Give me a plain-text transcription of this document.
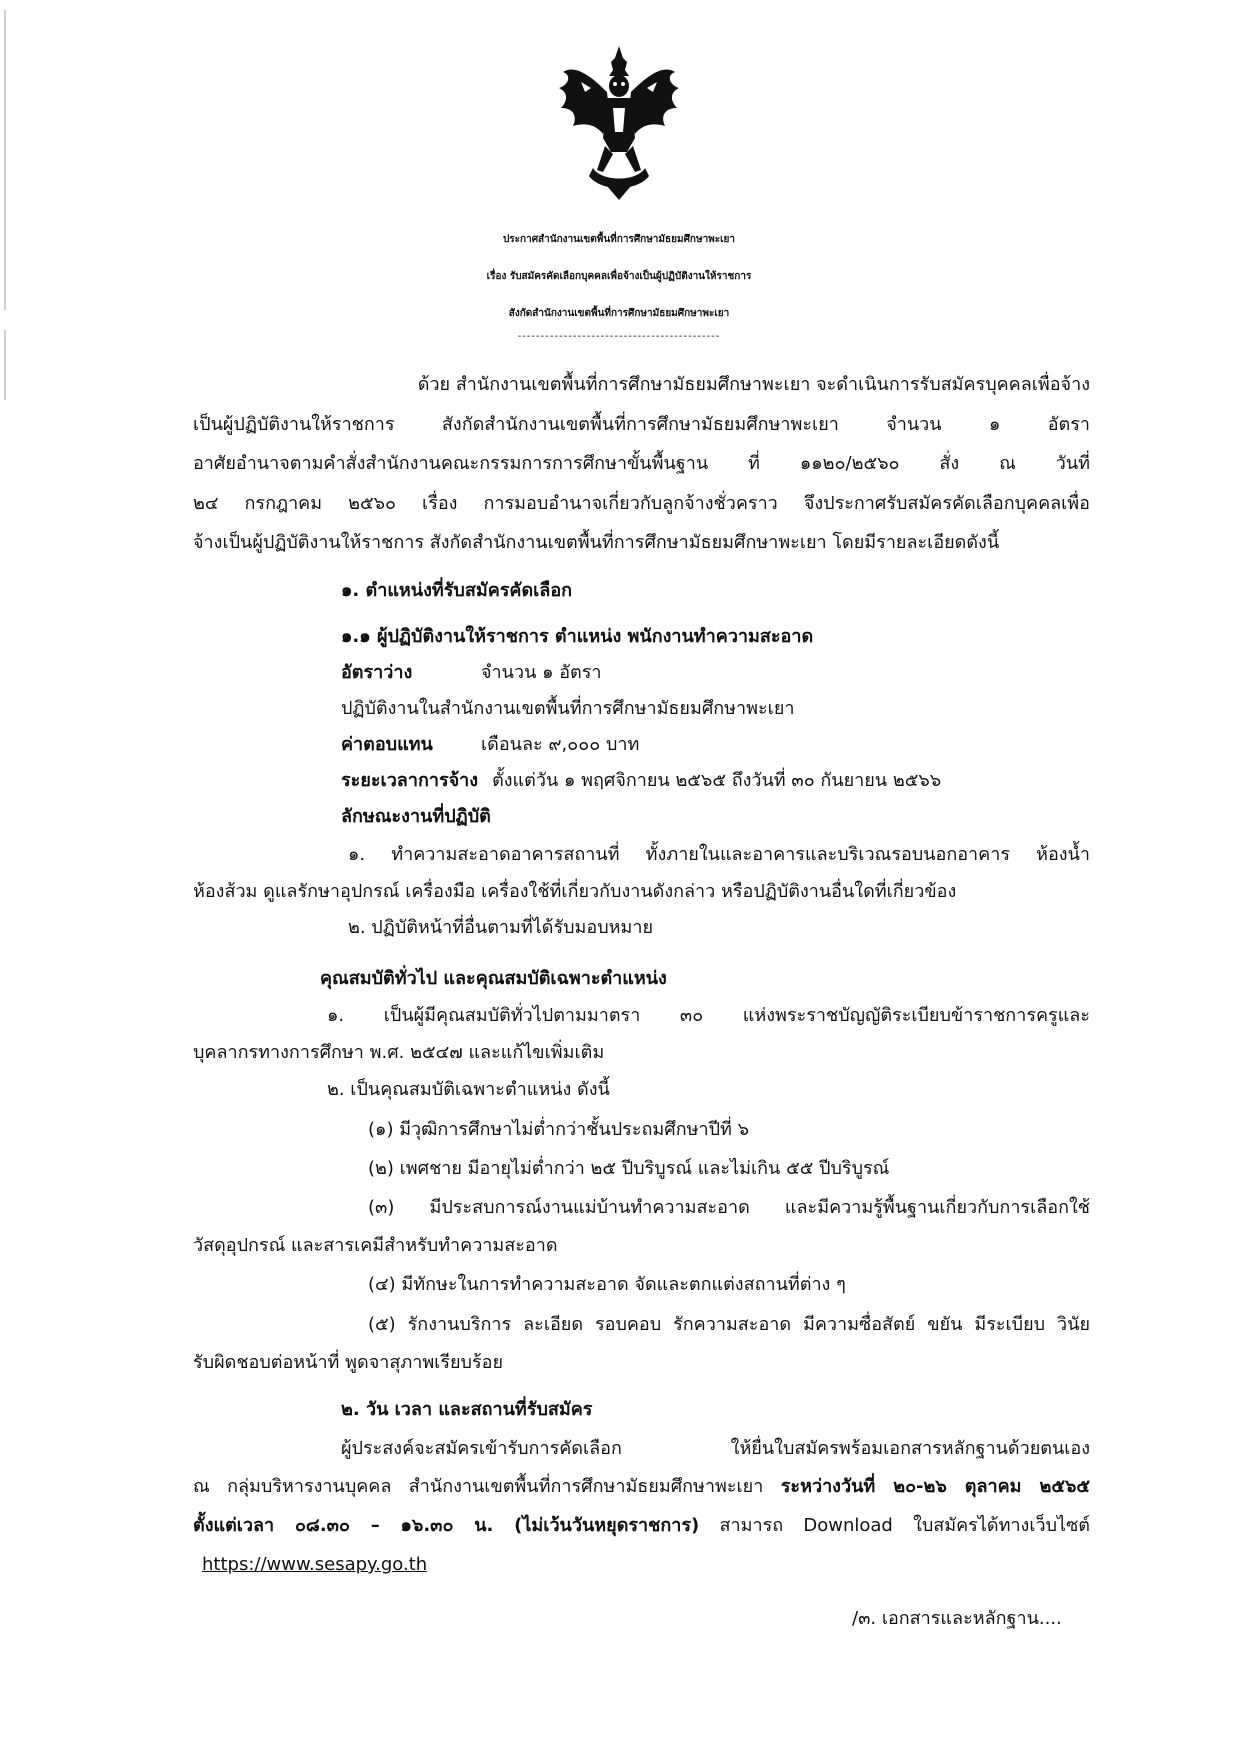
ประกาศสำนักงานเขตพื้นที่การศึกษามัธยมศึกษาพะเยา
เรื่อง รับสมัครคัดเลือกบุคคลเพื่อจ้างเป็นผู้ปฏิบัติงานให้ราชการ
สังกัดสำนักงานเขตพื้นที่การศึกษามัธยมศึกษาพะเยา
--------------------------------------------
ด้วย สำนักงานเขตพื้นที่การศึกษามัธยมศึกษาพะเยา จะดำเนินการรับสมัครบุคคลเพื่อจ้าง
เป็นผู้ปฏิบัติงานให้ราชการ สังกัดสำนักงานเขตพื้นที่การศึกษามัธยมศึกษาพะเยา จำนวน ๑ อัตรา
อาศัยอำนาจตามคำสั่งสำนักงานคณะกรรมการการศึกษาขั้นพื้นฐาน ที่ ๑๑๒๐/๒๕๖๐ สั่ง ณ วันที่
๒๔ กรกฎาคม ๒๕๖๐ เรื่อง การมอบอำนาจเกี่ยวกับลูกจ้างชั่วคราว จึงประกาศรับสมัครคัดเลือกบุคคลเพื่อ
จ้างเป็นผู้ปฏิบัติงานให้ราชการ สังกัดสำนักงานเขตพื้นที่การศึกษามัธยมศึกษาพะเยา โดยมีรายละเอียดดังนี้
๑. ตำแหน่งที่รับสมัครคัดเลือก
๑.๑ ผู้ปฏิบัติงานให้ราชการ ตำแหน่ง พนักงานทำความสะอาด
อัตราว่าง	จำนวน ๑ อัตรา
ปฏิบัติงานในสำนักงานเขตพื้นที่การศึกษามัธยมศึกษาพะเยา
ค่าตอบแทน	เดือนละ ๙,๐๐๐ บาท
ระยะเวลาการจ้าง ตั้งแต่วัน ๑ พฤศจิกายน ๒๕๖๕ ถึงวันที่ ๓๐ กันยายน ๒๕๖๖
ลักษณะงานที่ปฏิบัติ
๑. ทำความสะอาดอาคารสถานที่ ทั้งภายในและอาคารและบริเวณรอบนอกอาคาร ห้องน้ำ
ห้องส้วม ดูแลรักษาอุปกรณ์ เครื่องมือ เครื่องใช้ที่เกี่ยวกับงานดังกล่าว หรือปฏิบัติงานอื่นใดที่เกี่ยวข้อง
๒. ปฏิบัติหน้าที่อื่นตามที่ได้รับมอบหมาย
คุณสมบัติทั่วไป และคุณสมบัติเฉพาะตำแหน่ง
๑. เป็นผู้มีคุณสมบัติทั่วไปตามมาตรา ๓๐ แห่งพระราชบัญญัติระเบียบข้าราชการครูและ
บุคลากรทางการศึกษา พ.ศ. ๒๕๔๗ และแก้ไขเพิ่มเติม
๒. เป็นคุณสมบัติเฉพาะตำแหน่ง ดังนี้
(๑) มีวุฒิการศึกษาไม่ต่ำกว่าชั้นประถมศึกษาปีที่ ๖
(๒) เพศชาย มีอายุไม่ต่ำกว่า ๒๕ ปีบริบูรณ์ และไม่เกิน ๕๕ ปีบริบูรณ์
(๓) มีประสบการณ์งานแม่บ้านทำความสะอาด และมีความรู้พื้นฐานเกี่ยวกับการเลือกใช้
วัสดุอุปกรณ์ และสารเคมีสำหรับทำความสะอาด
(๔) มีทักษะในการทำความสะอาด จัดและตกแต่งสถานที่ต่าง ๆ
(๕) รักงานบริการ ละเอียด รอบคอบ รักความสะอาด มีความซื่อสัตย์ ขยัน มีระเบียบ วินัย
รับผิดชอบต่อหน้าที่ พูดจาสุภาพเรียบร้อย
๒. วัน เวลา และสถานที่รับสมัคร
ผู้ประสงค์จะสมัครเข้ารับการคัดเลือก ให้ยื่นใบสมัครพร้อมเอกสารหลักฐานด้วยตนเอง
ณ กลุ่มบริหารงานบุคคล สำนักงานเขตพื้นที่การศึกษามัธยมศึกษาพะเยา ระหว่างวันที่ ๒๐-๒๖ ตุลาคม ๒๕๖๕
ตั้งแต่เวลา ๐๘.๓๐ – ๑๖.๓๐ น. (ไม่เว้นวันหยุดราชการ) สามารถ Download ใบสมัครได้ทางเว็บไซต์
https://www.sesapy.go.th
/๓. เอกสารและหลักฐาน....
